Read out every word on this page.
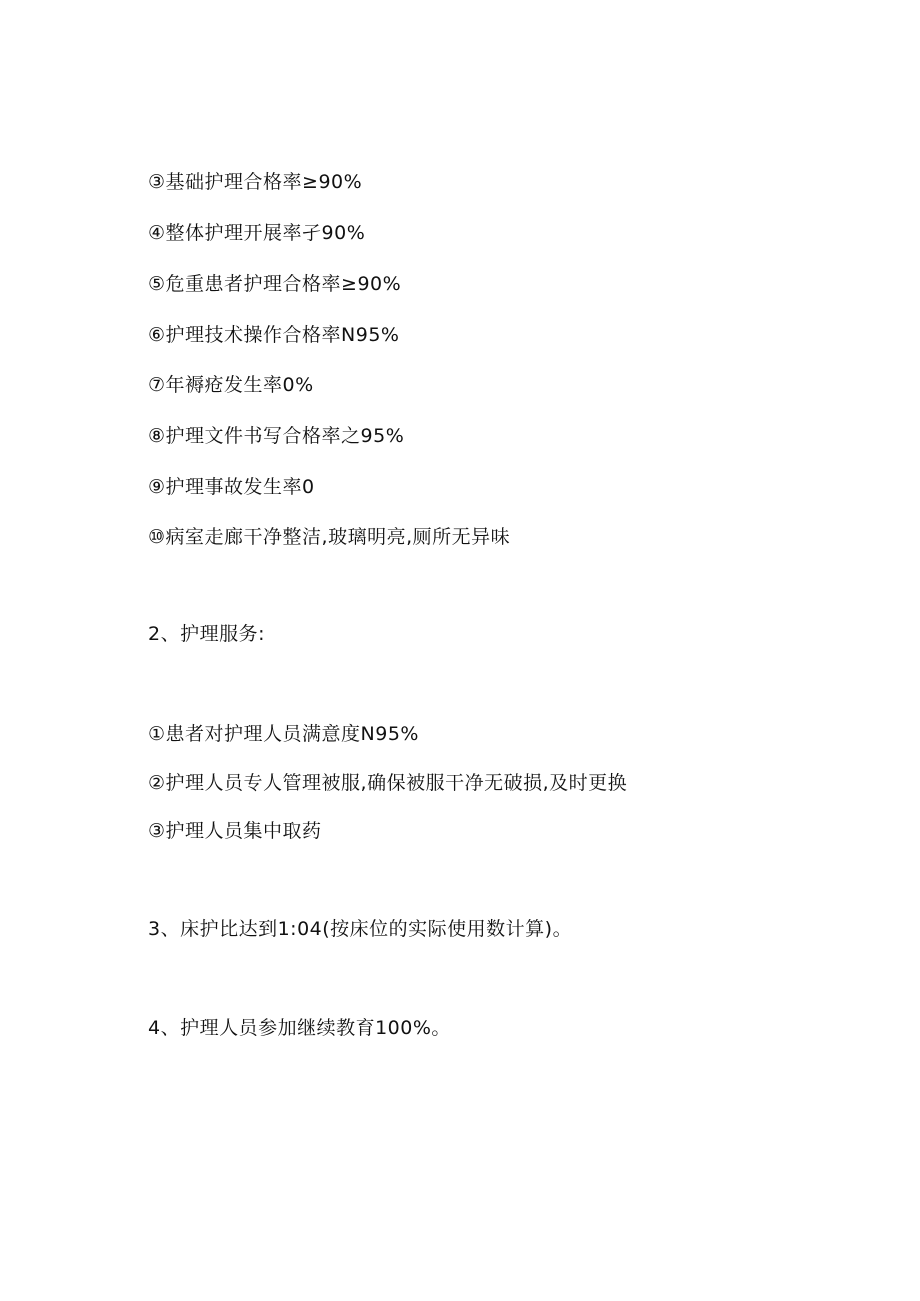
③基础护理合格率≥90%
④整体护理开展率孑90%
⑤危重患者护理合格率≥90%
⑥护理技术操作合格率N95%
⑦年褥疮发生率0%
⑧护理文件书写合格率之95%
⑨护理事故发生率0
⑩病室走廊干净整洁,玻璃明亮,厕所无异味
2、护理服务:
①患者对护理人员满意度N95%
②护理人员专人管理被服,确保被服干净无破损,及时更换
③护理人员集中取药
3、床护比达到1:04(按床位的实际使用数计算)。
4、护理人员参加继续教育100%。
